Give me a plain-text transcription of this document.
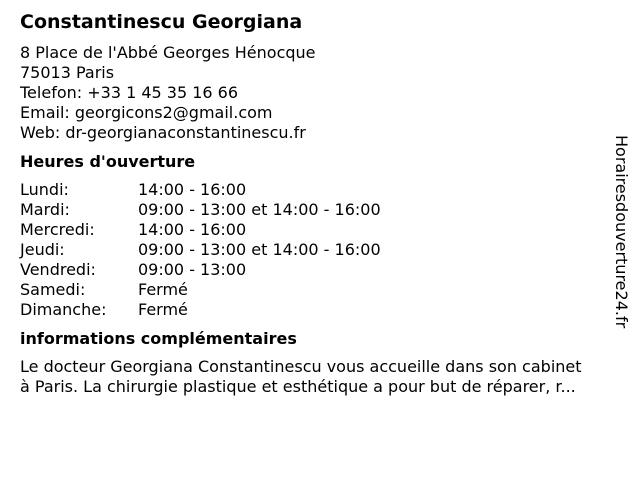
Constantinescu Georgiana
8 Place de l'Abbé Georges Hénocque
75013 Paris
Telefon: +33 1 45 35 16 66
Email: georgicons2@gmail.com
Web: dr-georgianaconstantinescu.fr
Heures d'ouverture
Lundi:	14:00 - 16:00
Mardi:	09:00 - 13:00 et 14:00 - 16:00
Mercredi:	14:00 - 16:00
Jeudi:	09:00 - 13:00 et 14:00 - 16:00
Vendredi:	09:00 - 13:00
Samedi:	Fermé
Dimanche:	Fermé
informations complémentaires
Le docteur Georgiana Constantinescu vous accueille dans son cabinet
à Paris. La chirurgie plastique et esthétique a pour but de réparer, r...
Horairesdouverture24.fr
